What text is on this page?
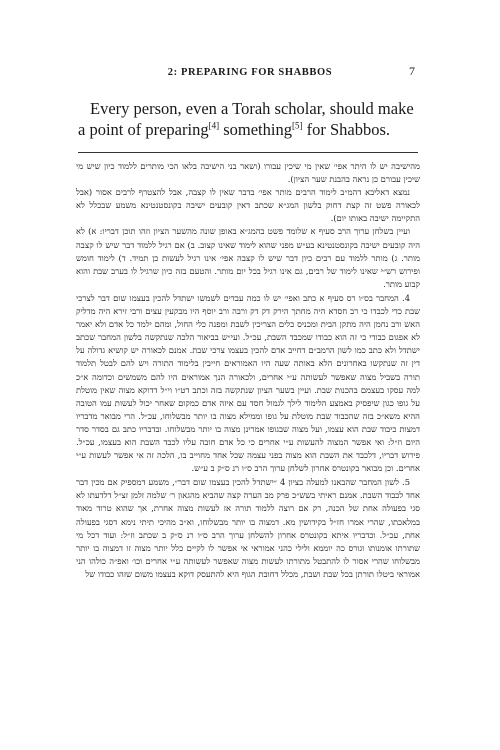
2: PREPARING FOR SHABBOS	7

Every person, even a Torah scholar, should make a point of preparing[4] something[5] for Shabbos.

מהישיבה יש לו היתר אפי׳ שאין מי שיכין עבורו (ושאר בני הישיבה בלאו הכי מותרים ללמוד כיון שיש מי שיכין עבורם כן נראה בהבנת שער הציון).

נמצא דאליבא דהמ״ב לימוד הרבים מותר אפי׳ בדבר שאין לו קצבה, אבל להצטרף לרבים אסור (אבל לכאורה פשט זה קצת דחוק בלשון המג״א שכתב דאין קובעים ישיבה בקונסטנטינא משמע שבכלל לא התקיימה ישיבה באותו יום).

ועיין בשלחן ערוך הרב סעיף א שלומד פשט בהמג״א באופן שונה מהשער הציון וזהו תוכן דבריו: א) לא היה קובעים ישיבה בקונסטנטינא בע״ש מפני שהוא לימוד שאינו קצוב. ב) אם רגיל ללמוד דבר שיש לו קצבה מותר. ג) מותר ללמוד עם רבים כיון דבר שיש לו קצבה אפי׳ אינו רגיל לעשות כן תמיד. ד) לימוד חומש ופירוש רש״י שאינו לימוד של רבים, גם אינו רגיל בכל יום מותר. והטעם בזה כיון שרגיל לו בערב שבת והוא קבוע מותר.

4. המחבר בס״ו רס סעיף א כתב ואפי׳ יש לו כמה עבדים לשמשו ישתדל להכין בעצמו שום דבר לצרכי שבת כדי לכבדו כי רב חסדא היה מחתך הירק דק דק ורבה ורב יוסף היו מבקעין עצים ורבי זירא היה מדליק האש ורב נחמן היה מתקן הבית ומכניס כלים הצריכין לשבת ומפנה כלי החול, ומהם ילמד כל אדם ולא יאמר לא אפגום כבודי כי זה הוא כבודו שמכבד השבת, עכ״ל. ועי״ש בביאור הלכה שנתקשה בלשון המחבר שכתב ישתדל ולא כתב כמו לשון הרמב״ם דחייב אדם להכין בעצמו צרכי שבת. אמנם לכאורה יש קושיא גדולה על דין זה שנתקשו באחרונים הלא באותה שעה היו האמוראים חייבין בלימוד התורה ויש להם לבטל תלמוד תורה בשביל מצוה שאפשר לעשותה ע״י אחרים, ולכאורה הנך אמוראים היו להם משמשים וכדומה א״כ למה עסקו בעצמם בהכנות שבת. ועיין בשער הציון שנתקשה בזה וכתב דט״ו וי״ל דדוקא מצוה שאין מוטלת על גופו כגון שיפסיק באמצע הלימוד לילך לגמול חסד עם איזה אדם כמקום שאחר יכול לעשות עמו הטובה ההיא משא״כ בזה שהכבוד שבת מוטלת על גופו וממילא מצוה בו יותר מבשלוחו, עכ״ל. הרי מבואר מדבריו דמצות כיבוד שבת הוא עצמו, ועל מצוה שבגופו אמרינן מצוה בו יותר מבשלוחו. ובדבריו כתב גם בסדר סדר היום וז״ל: ואי אפשר המצוה להעשות ע״י אחרים כי כל אדם חובה עליו לכבד השבת הוא בעצמו, עכ״ל. פירוש דבריו, דלכבד את השבת הוא מצוה בפני עצמה שכל אחד מחוייב בו, הלכה זה אי אפשר לעשות ע״י אחרים. וכן מבואר בקונטרס אחרון לשלחן ערוך הרב ס״ו רנ ס״ק ב ע״ש.

5. לשון המחבר שהבאנו למעלה בציון 4 ״ישתדל להכין בעצמו שום דבר״, משמע דמספיק אם מכין דבר אחד לכבוד השבת. אמנם ראיתי בשש״כ פרק מב הערה קצה שהביא מהגאון ר׳ שלמה זלמן זצ״ל דלדעתו לא סגי בפעולה אחת של הכנה, רק אם רוצה ללמוד תורה אז לעשות מצוה אחרת, אך שהוא טרוד מאוד במלאכתו, שהרי אמרו חז״ל בקידושין מא. דמצוה בו יותר מבשלוחו, וא״כ מהיכי תיתי נימא דסגי בפעולה אחת, עכ״ל. וכדבריו איתא בקונטרס אחרון להשלחן ערוך הרב ס״ו רנ ס״ק ב שכתב וז״ל: ועוד דכל מי שתורתו אומנותו וגורס כה יוממא ולילי כהני אמוראי אי אפשר לו לקיים כלל יותר מצוה זו דמצוה בו יותר מבשלוחו שהרי אסור לו להתבטל מתורתו לעשות מצוה שאפשר לעשותה ע״י אחרים וכו׳ ואפ״ה כולהו הני אמוראי ביטלו תורתן בכל שבת ושבת, מכלל דחובת הגוף היא להתעסק דוקא בעצמו משום שזהו כבודו של
